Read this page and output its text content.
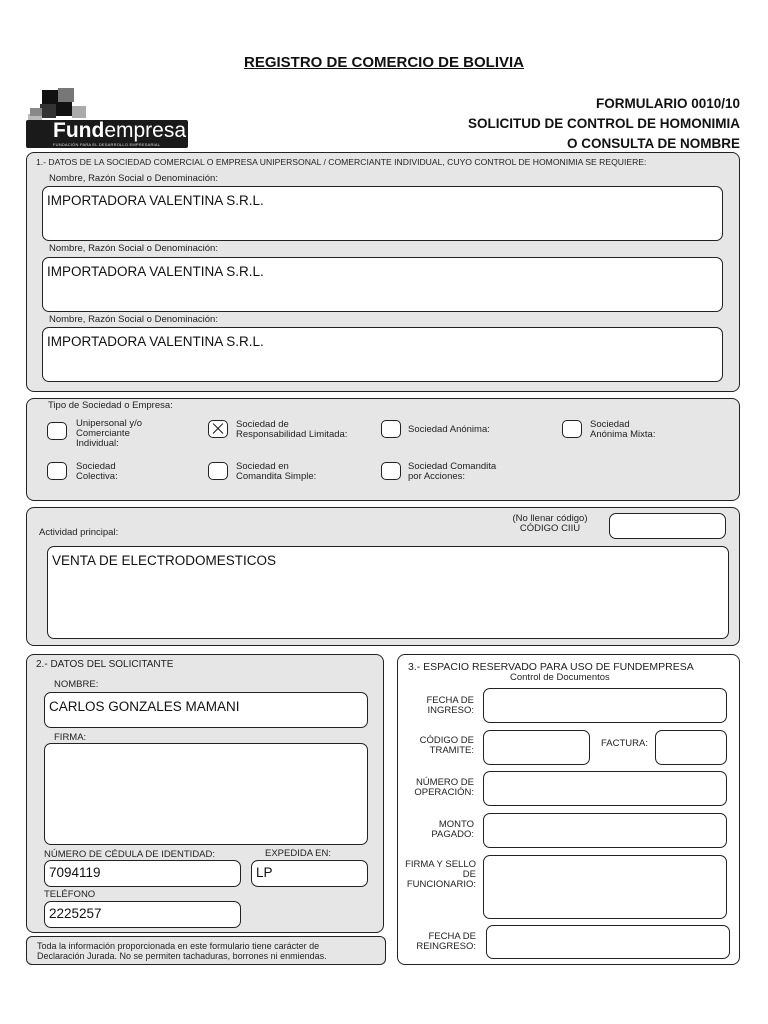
REGISTRO DE COMERCIO DE BOLIVIA
Fundempresa
FUNDACIÓN PARA EL DESARROLLO EMPRESARIAL
FORMULARIO 0010/10
SOLICITUD DE CONTROL DE HOMONIMIA
O CONSULTA DE NOMBRE
1.- DATOS DE LA SOCIEDAD COMERCIAL O EMPRESA UNIPERSONAL / COMERCIANTE INDIVIDUAL, CUYO CONTROL DE HOMONIMIA SE REQUIERE:
Nombre, Razón Social o Denominación:
IMPORTADORA VALENTINA S.R.L.
Nombre, Razón Social o Denominación:
IMPORTADORA VALENTINA S.R.L.
Nombre, Razón Social o Denominación:
IMPORTADORA VALENTINA S.R.L.
Tipo de Sociedad o Empresa:
Unipersonal y/o
Comerciante
Individual:
Sociedad de
Responsabilidad Limitada:	Sociedad Anónima:	Sociedad
Anónima Mixta:
Sociedad
Colectiva:
Sociedad en
Comandita Simple:
Sociedad Comandita
por Acciones:
Actividad principal:
(No llenar código)
CÓDIGO CIIU
VENTA DE ELECTRODOMESTICOS
2.- DATOS DEL SOLICITANTE
NOMBRE:
CARLOS GONZALES MAMANI
FIRMA:
NÚMERO DE CÉDULA DE IDENTIDAD:	EXPEDIDA EN:
7094119	LP
TELÉFONO
2225257
Toda la información proporcionada en este formulario tiene carácter de
Declaración Jurada. No se permiten tachaduras, borrones ni enmiendas.
3.- ESPACIO RESERVADO PARA USO DE FUNDEMPRESA
Control de Documentos
FECHA DE
INGRESO:
CÓDIGO DE
TRAMITE:
FACTURA:
NÚMERO DE
OPERACIÓN:
MONTO
PAGADO:
FIRMA Y SELLO
DE
FUNCIONARIO:
FECHA DE
REINGRESO:
